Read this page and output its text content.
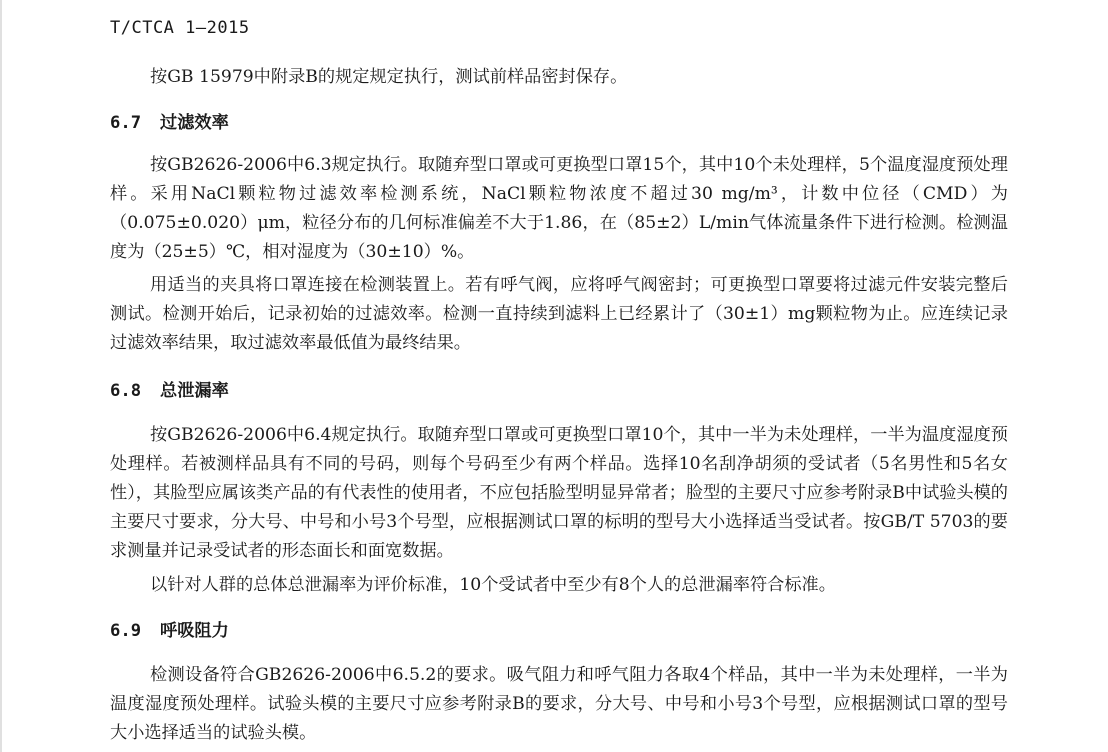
T/CTCA 1—2015

按GB 15979中附录B的规定规定执行，测试前样品密封保存。

6.7 过滤效率

按GB2626-2006中6.3规定执行。取随弃型口罩或可更换型口罩15个，其中10个未处理样，5个温度湿度预处理样。采用NaCl颗粒物过滤效率检测系统，NaCl颗粒物浓度不超过30 mg/m³，计数中位径（CMD）为（0.075±0.020）μm，粒径分布的几何标准偏差不大于1.86，在（85±2）L/min气体流量条件下进行检测。检测温度为（25±5）℃，相对湿度为（30±10）%。

用适当的夹具将口罩连接在检测装置上。若有呼气阀，应将呼气阀密封；可更换型口罩要将过滤元件安装完整后测试。检测开始后，记录初始的过滤效率。检测一直持续到滤料上已经累计了（30±1）mg颗粒物为止。应连续记录过滤效率结果，取过滤效率最低值为最终结果。

6.8 总泄漏率

按GB2626-2006中6.4规定执行。取随弃型口罩或可更换型口罩10个，其中一半为未处理样，一半为温度湿度预处理样。若被测样品具有不同的号码，则每个号码至少有两个样品。选择10名刮净胡须的受试者（5名男性和5名女性），其脸型应属该类产品的有代表性的使用者，不应包括脸型明显异常者；脸型的主要尺寸应参考附录B中试验头模的主要尺寸要求，分大号、中号和小号3个号型，应根据测试口罩的标明的型号大小选择适当受试者。按GB/T 5703的要求测量并记录受试者的形态面长和面宽数据。

以针对人群的总体总泄漏率为评价标准，10个受试者中至少有8个人的总泄漏率符合标准。

6.9 呼吸阻力

检测设备符合GB2626-2006中6.5.2的要求。吸气阻力和呼气阻力各取4个样品，其中一半为未处理样，一半为温度湿度预处理样。试验头模的主要尺寸应参考附录B的要求，分大号、中号和小号3个号型，应根据测试口罩的型号大小选择适当的试验头模。
